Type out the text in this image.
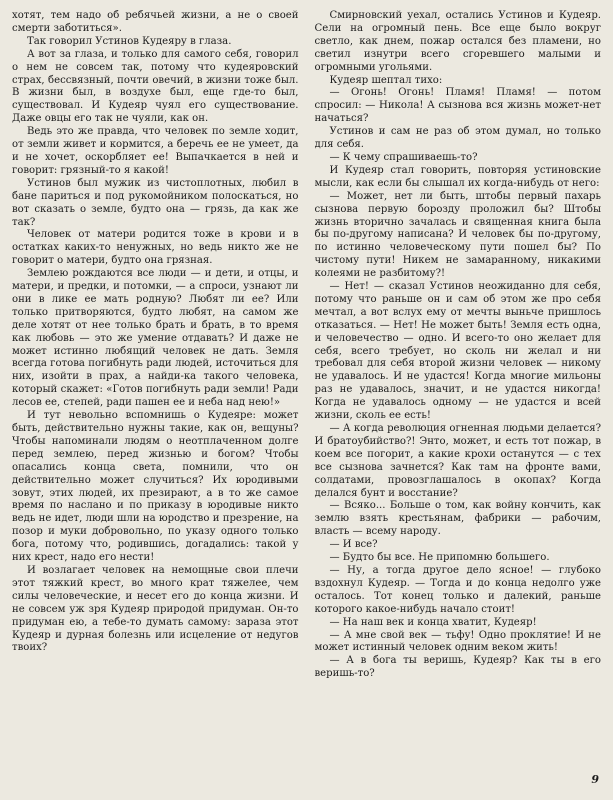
хотят, тем надо об ребячьей жизни, а не о своей смерти заботиться».

Так говорил Устинов Кудеяру в глаза.

А вот за глаза, и только для самого себя, говорил о нем не совсем так, потому что кудеяровский страх, бессвязный, почти овечий, в жизни тоже был. В жизни был, в воздухе был, еще где-то был, существовал. И Кудеяр чуял его существование. Даже овцы его так не чуяли, как он.

Ведь это же правда, что человек по земле ходит, от земли живет и кормится, а беречь ее не умеет, да и не хочет, оскорбляет ее! Выпачкается в ней и говорит: грязный-то я какой!

Устинов был мужик из чистоплотных, любил в бане париться и под рукомойником полоскаться, но вот сказать о земле, будто она — грязь, да как же так?

Человек от матери родится тоже в крови и в остатках каких-то ненужных, но ведь никто же не говорит о матери, будто она грязная.

Землею рождаются все люди — и дети, и отцы, и матери, и предки, и потомки, — а спроси, узнают ли они в лике ее мать родную? Любят ли ее? Или только притворяются, будто любят, на самом же деле хотят от нее только брать и брать, в то время как любовь — это же умение отдавать? И даже не может истинно любящий человек не дать. Земля всегда готова погибнуть ради людей, источиться для них, изойти в прах, а найди-ка такого человека, который скажет: «Готов погибнуть ради земли! Ради лесов ее, степей, ради пашен ее и неба над нею!»

И тут невольно вспомнишь о Кудеяре: может быть, действительно нужны такие, как он, вещуны? Чтобы напоминали людям о неотплаченном долге перед землею, перед жизнью и богом? Чтобы опасались конца света, помнили, что он действительно может случиться? Их юродивыми зовут, этих людей, их презирают, а в то же самое время по наслано и по приказу в юродивые никто ведь не идет, люди шли на юродство и презрение, на позор и муки добровольно, по указу одного только бога, потому что, родившись, догадались: такой у них крест, надо его нести!

И возлагает человек на немощные свои плечи этот тяжкий крест, во много крат тяжелее, чем силы человеческие, и несет его до конца жизни. И не совсем уж зря Кудеяр природой придуман. Он-то придуман ею, а тебе-то думать самому: зараза этот Кудеяр и дурная болезнь или исцеление от недугов твоих?

Смирновский уехал, остались Устинов и Кудеяр. Сели на огромный пень. Все еще было вокруг светло, как днем, пожар остался без пламени, но светил изнутри всего сгоревшего малыми и огромными угольями.

Кудеяр шептал тихо:

— Огонь! Огонь! Пламя! Пламя! — потом спросил: — Никола! А сызнова вся жизнь может-нет начаться?

Устинов и сам не раз об этом думал, но только для себя.

— К чему спрашиваешь-то?

И Кудеяр стал говорить, повторяя устиновские мысли, как если бы слышал их когда-нибудь от него:

— Может, нет ли быть, штобы первый пахарь сызнова первую борозду проложил бы? Штобы жизнь вторично зачалась и священная книга была бы по-другому написана? И человек бы по-другому, по истинно человеческому пути пошел бы? По чистому пути! Никем не замаранному, никакими колеями не разбитому?!

— Нет! — сказал Устинов неожиданно для себя, потому что раньше он и сам об этом же про себя мечтал, а вот вслух ему от мечты выньче пришлось отказаться. — Нет! Не может быть! Земля есть одна, и человечество — одно. И всего-то оно желает для себя, всего требует, но сколь ни желал и ни требовал для себя второй жизни человек — никому не удавалось. И не удастся! Когда многие мильоны раз не удавалось, значит, и не удастся никогда! Когда не удавалось одному — не удастся и всей жизни, сколь ее есть!

— А когда революция огненная людьми делается? И братоубийство?! Энто, может, и есть тот пожар, в коем все погорит, а какие крохи останутся — с тех все сызнова зачнется? Как там на фронте вами, солдатами, провозглашалось в окопах? Когда делался бунт и восстание?

— Всяко... Больше о том, как войну кончить, как землю взять крестьянам, фабрики — рабочим, власть — всему народу.

— И все?

— Будто бы все. Не припомню большего.

— Ну, а тогда другое дело ясное! — глубоко вздохнул Кудеяр. — Тогда и до конца недолго уже осталось. Тот конец только и далекий, раньше которого какое-нибудь начало стоит!

— На наш век и конца хватит, Кудеяр!

— А мне свой век — тьфу! Одно проклятие! И не может истинный человек одним веком жить!

— А в бога ты веришь, Кудеяр? Как ты в его веришь-то?

9
